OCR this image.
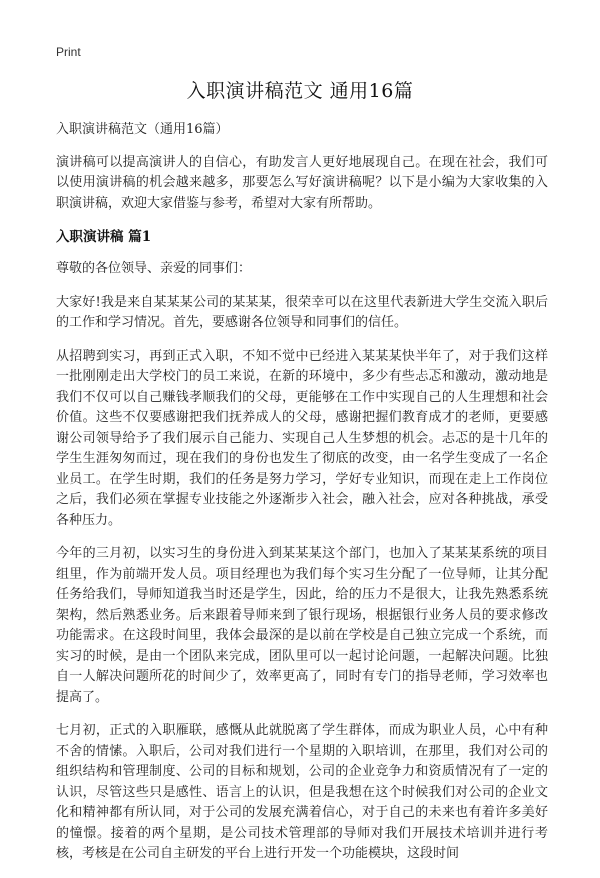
Print
入职演讲稿范文 通用16篇

入职演讲稿范文（通用16篇）

演讲稿可以提高演讲人的自信心，有助发言人更好地展现自己。在现在社会，我们可以使用演讲稿的机会越来越多，那要怎么写好演讲稿呢？以下是小编为大家收集的入职演讲稿，欢迎大家借鉴与参考，希望对大家有所帮助。

入职演讲稿 篇1

尊敬的各位领导、亲爱的同事们：

大家好!我是来自某某某公司的某某某，很荣幸可以在这里代表新进大学生交流入职后的工作和学习情况。首先，要感谢各位领导和同事们的信任。

从招聘到实习，再到正式入职，不知不觉中已经进入某某某快半年了，对于我们这样一批刚刚走出大学校门的员工来说，在新的环境中，多少有些忐忑和激动，激动地是我们不仅可以自己赚钱孝顺我们的父母，更能够在工作中实现自己的人生理想和社会价值。这些不仅要感谢把我们抚养成人的父母，感谢把握们教育成才的老师，更要感谢公司领导给予了我们展示自己能力、实现自己人生梦想的机会。忐忑的是十几年的学生生涯匆匆而过，现在我们的身份也发生了彻底的改变，由一名学生变成了一名企业员工。在学生时期，我们的任务是努力学习，学好专业知识，而现在走上工作岗位之后，我们必须在掌握专业技能之外逐渐步入社会，融入社会，应对各种挑战，承受各种压力。

今年的三月初，以实习生的身份进入到某某某这个部门，也加入了某某某系统的项目组里，作为前端开发人员。项目经理也为我们每个实习生分配了一位导师，让其分配任务给我们，导师知道我当时还是学生，因此，给的压力不是很大，让我先熟悉系统架构，然后熟悉业务。后来跟着导师来到了银行现场，根据银行业务人员的要求修改功能需求。在这段时间里，我体会最深的是以前在学校是自己独立完成一个系统，而实习的时候，是由一个团队来完成，团队里可以一起讨论问题，一起解决问题。比独自一人解决问题所花的时间少了，效率更高了，同时有专门的指导老师，学习效率也提高了。

七月初，正式的入职雁联，感慨从此就脱离了学生群体，而成为职业人员，心中有种不舍的情愫。入职后，公司对我们进行一个星期的入职培训，在那里，我们对公司的组织结构和管理制度、公司的目标和规划，公司的企业竞争力和资质情况有了一定的认识，尽管这些只是感性、语言上的认识，但是我想在这个时候我们对公司的企业文化和精神都有所认同，对于公司的发展充满着信心，对于自己的未来也有着许多美好的憧憬。接着的两个星期，是公司技术管理部的导师对我们开展技术培训并进行考核，考核是在公司自主研发的平台上进行开发一个功能模块，这段时间
